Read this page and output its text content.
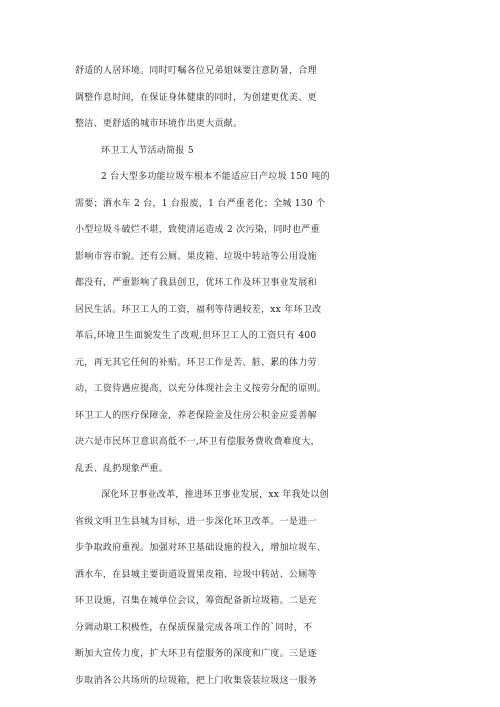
舒适的人居环境。同时叮嘱各位兄弟姐妹要注意防暑，合理
调整作息时间，在保证身体健康的同时，为创建更优美、更
整洁、更舒适的城市环境作出更大贡献。
环卫工人节活动简报 5
2 台大型多功能垃圾车根本不能适应日产垃圾 150 吨的
需要；洒水车 2 台，1 台报废，1 台严重老化；全城 130 个
小型垃圾斗破烂不堪，致使清运造成 2 次污染，同时也严重
影响市容市貌。还有公厕、果皮箱、垃圾中转站等公用设施
都没有，严重影响了我县创卫，优环工作及环卫事业发展和
居民生活。环卫工人的工资，福利等待遇较差，xx 年环卫改
革后,环境卫生面貌发生了改观,但环卫工人的工资只有 400
元，再无其它任何的补贴。环卫工作是苦、脏、累的体力劳
动，工资待遇应提高，以充分体现社会主义按劳分配的原则。
环卫工人的医疗保障金，养老保险金及住房公积金应妥善解
决六是市民环卫意识高低不一,环卫有偿服务费收费难度大，
乱丢、乱扔现象严重。
深化环卫事业改革，推进环卫事业发展，xx 年我处以创
省级文明卫生县城为目标，进一步深化环卫改革。一是进一
步争取政府重视。加强对环卫基础设施的投入，增加垃圾车、
洒水车，在县城主要街道设置果皮箱、垃圾中转站、公厕等
环卫设施，召集在城单位会议，筹资配备新垃圾箱。二是充
分调动职工积极性，在保质保量完成各项工作的`同时，不
断加大宣传力度，扩大环卫有偿服务的深度和广度。三是逐
步取消各公共场所的垃圾箱，把上门收集袋装垃圾这一服务
